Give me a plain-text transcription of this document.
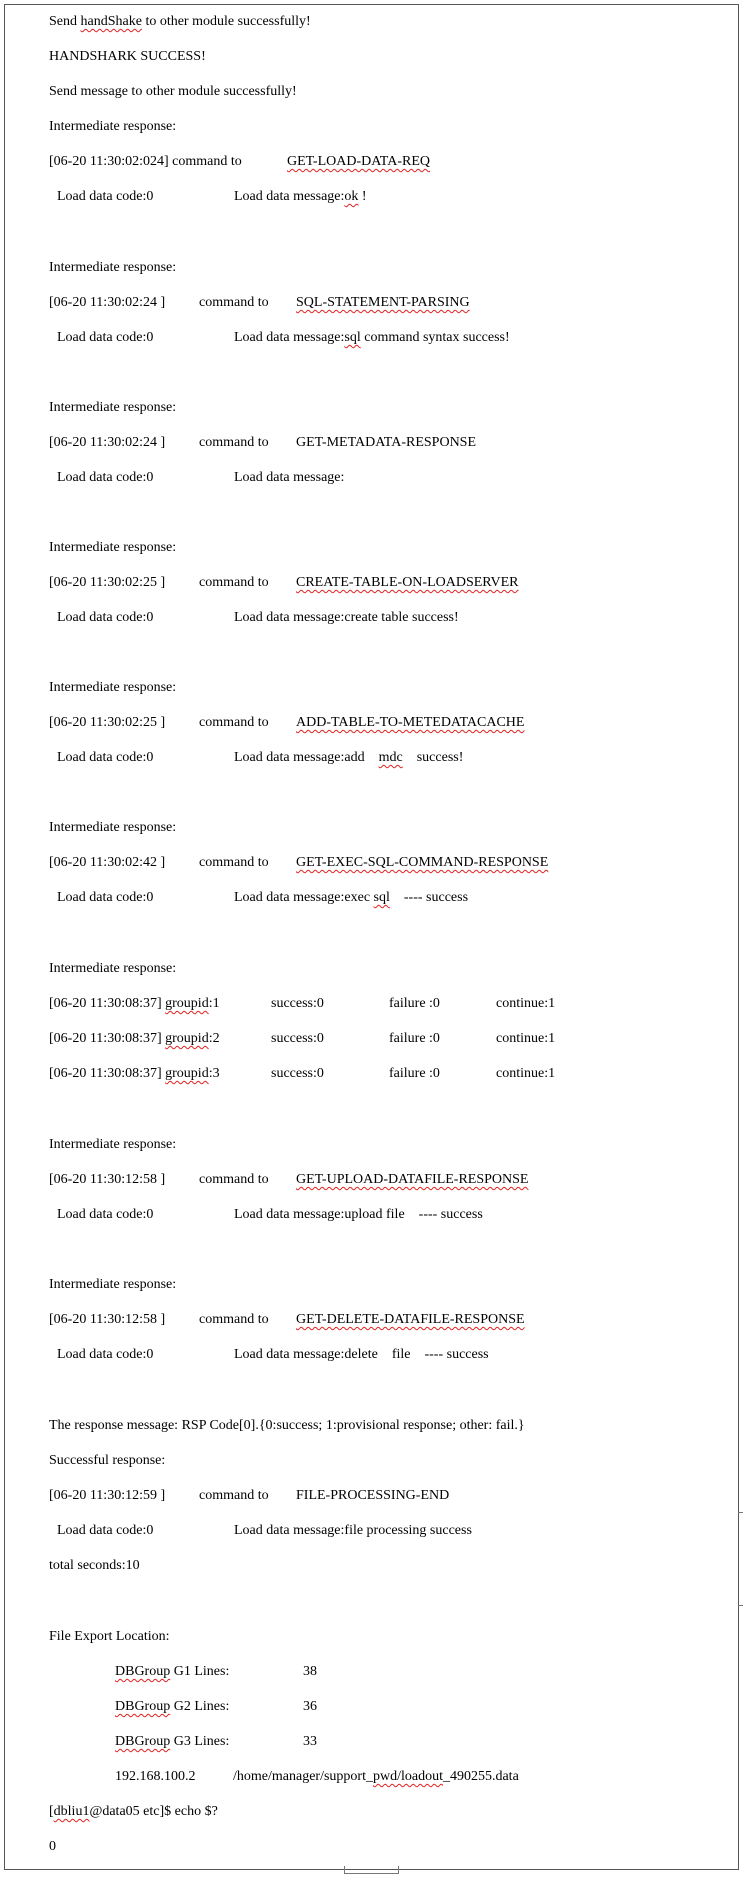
Send handShake to other module successfully!
HANDSHARK SUCCESS!
Send message to other module successfully!
Intermediate response:
[06-20 11:30:02:024] command to	GET-LOAD-DATA-REQ
Load data code:0	Load data message:ok !
Intermediate response:
[06-20 11:30:02:24 ] command to SQL-STATEMENT-PARSING
Load data code:0	Load data message:sql command syntax success!
Intermediate response:
[06-20 11:30:02:24 ] command to GET-METADATA-RESPONSE
Load data code:0	Load data message:
Intermediate response:
[06-20 11:30:02:25 ] command to CREATE-TABLE-ON-LOADSERVER
Load data code:0	Load data message:create table success!
Intermediate response:
[06-20 11:30:02:25 ] command to ADD-TABLE-TO-METEDATACACHE
Load data code:0	Load data message:add    mdc    success!
Intermediate response:
[06-20 11:30:02:42 ] command to GET-EXEC-SQL-COMMAND-RESPONSE
Load data code:0	Load data message:exec sql    ---- success
Intermediate response:
[06-20 11:30:08:37] groupid:1	success:0	failure :0	continue:1
[06-20 11:30:08:37] groupid:2	success:0	failure :0	continue:1
[06-20 11:30:08:37] groupid:3	success:0	failure :0	continue:1
Intermediate response:
[06-20 11:30:12:58 ] command to GET-UPLOAD-DATAFILE-RESPONSE
Load data code:0	Load data message:upload file    ---- success
Intermediate response:
[06-20 11:30:12:58 ] command to GET-DELETE-DATAFILE-RESPONSE
Load data code:0	Load data message:delete    file    ---- success
The response message: RSP Code[0].{0:success; 1:provisional response; other: fail.}
Successful response:
[06-20 11:30:12:59 ] command to FILE-PROCESSING-END
Load data code:0	Load data message:file processing success
total seconds:10
File Export Location:
DBGroup G1 Lines:	38
DBGroup G2 Lines:	36
DBGroup G3 Lines:	33
192.168.100.2	/home/manager/support_pwd/loadout_490255.data
[dbliu1@data05 etc]$ echo $?
0
